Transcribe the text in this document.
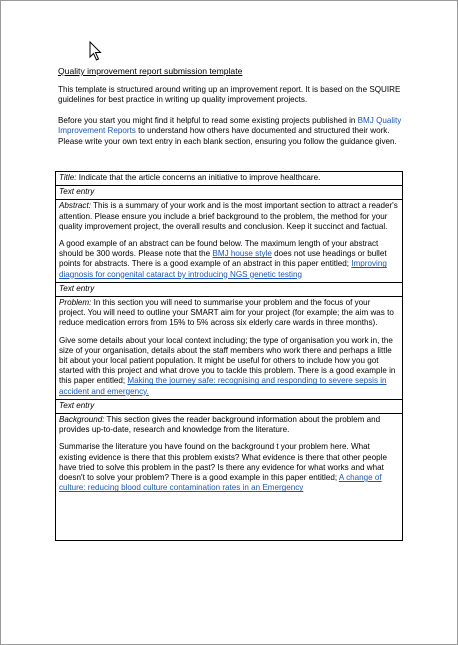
Quality improvement report submission template
This template is structured around writing up an improvement report. It is based on the SQUIRE guidelines for best practice in writing up quality improvement projects.
Before you start you might find it helpful to read some existing projects published in BMJ Quality Improvement Reports to understand how others have documented and structured their work. Please write your own text entry in each blank section, ensuring you follow the guidance given.
Title: Indicate that the article concerns an initiative to improve healthcare.
Text entry

Abstract: This is a summary of your work and is the most important section to attract a reader's attention. Please ensure you include a brief background to the problem, the method for your quality improvement project, the overall results and conclusion. Keep it succinct and factual.

A good example of an abstract can be found below. The maximum length of your abstract should be 300 words. Please note that the BMJ house style does not use headings or bullet points for abstracts. There is a good example of an abstract in this paper entitled; Improving diagnosis for congenital cataract by introducing NGS genetic testing

Text entry

Problem: In this section you will need to summarise your problem and the focus of your project. You will need to outline your SMART aim for your project (for example; the aim was to reduce medication errors from 15% to 5% across six elderly care wards in three months).

Give some details about your local context including; the type of organisation you work in, the size of your organisation, details about the staff members who work there and perhaps a little bit about your local patient population. It might be useful for others to include how you got started with this project and what drove you to tackle this problem. There is a good example in this paper entitled; Making the journey safe: recognising and responding to severe sepsis in accident and emergency.

Text entry

Background: This section gives the reader background information about the problem and provides up-to-date, research and knowledge from the literature.

Summarise the literature you have found on the background t your problem here. What existing evidence is there that this problem exists? What evidence is there that other people have tried to solve this problem in the past? Is there any evidence for what works and what doesn't to solve your problem? There is a good example in this paper entitled; A change of culture: reducing blood culture contamination rates in an Emergency
